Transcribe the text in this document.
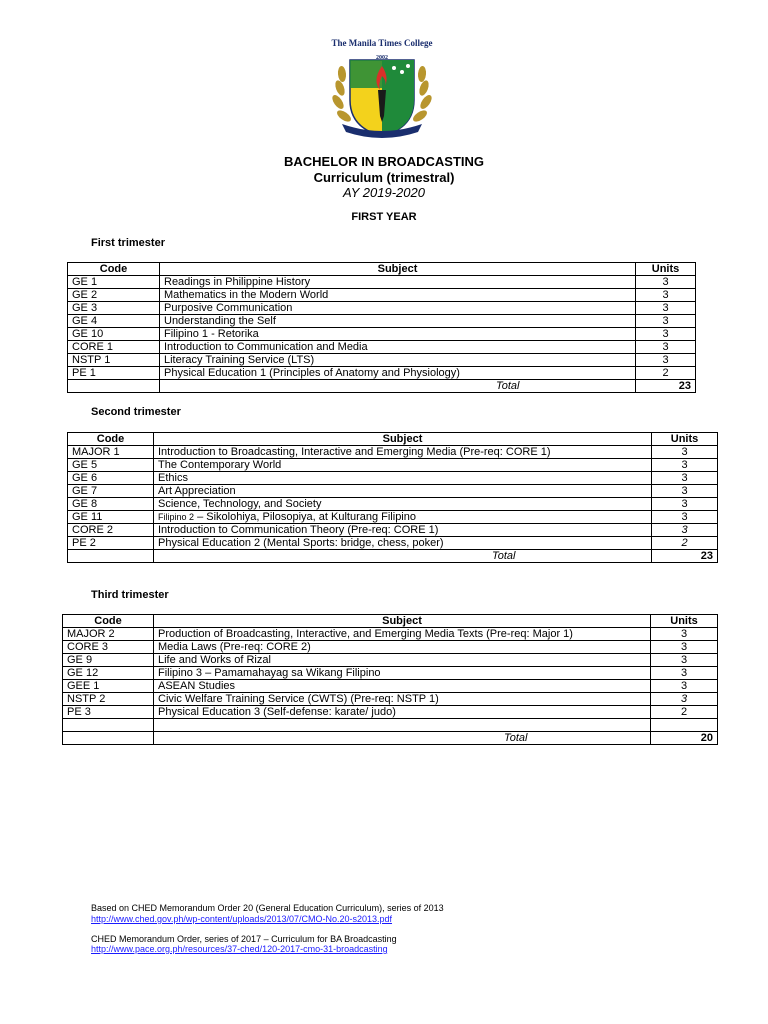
The Manila Times College
2002
BACHELOR IN BROADCASTING
Curriculum (trimestral)
AY 2019-2020
FIRST YEAR
First trimester
Code	Subject	Units
GE 1	Readings in Philippine History	3
GE 2	Mathematics in the Modern World	3
GE 3	Purposive Communication	3
GE 4	Understanding the Self	3
GE 10	Filipino 1 - Retorika	3
CORE 1	Introduction to Communication and Media	3
NSTP 1	Literacy Training Service (LTS)	3
PE 1	Physical Education 1 (Principles of Anatomy and Physiology)	2
	Total	23
Second trimester
Code	Subject	Units
MAJOR 1	Introduction to Broadcasting, Interactive and Emerging Media (Pre-req: CORE 1)	3
GE 5	The Contemporary World	3
GE 6	Ethics	3
GE 7	Art Appreciation	3
GE 8	Science, Technology, and Society	3
GE 11	Filipino 2 – Sikolohiya, Pilosopiya, at Kulturang Filipino	3
CORE 2	Introduction to Communication Theory (Pre-req: CORE 1)	3
PE 2	Physical Education 2 (Mental Sports: bridge, chess, poker)	2
	Total	23
Third trimester
Code	Subject	Units
MAJOR 2	Production of Broadcasting, Interactive, and Emerging Media Texts (Pre-req: Major 1)	3
CORE 3	Media Laws (Pre-req: CORE 2)	3
GE 9	Life and Works of Rizal	3
GE 12	Filipino 3 – Pamamahayag sa Wikang Filipino	3
GEE 1	ASEAN Studies	3
NSTP 2	Civic Welfare Training Service (CWTS) (Pre-req: NSTP 1)	3
PE 3	Physical Education 3 (Self-defense: karate/ judo)	2

	Total	20
Based on CHED Memorandum Order 20 (General Education Curriculum), series of 2013
http://www.ched.gov.ph/wp-content/uploads/2013/07/CMO-No.20-s2013.pdf
CHED Memorandum Order, series of 2017 – Curriculum for BA Broadcasting
http://www.pace.org.ph/resources/37-ched/120-2017-cmo-31-broadcasting
